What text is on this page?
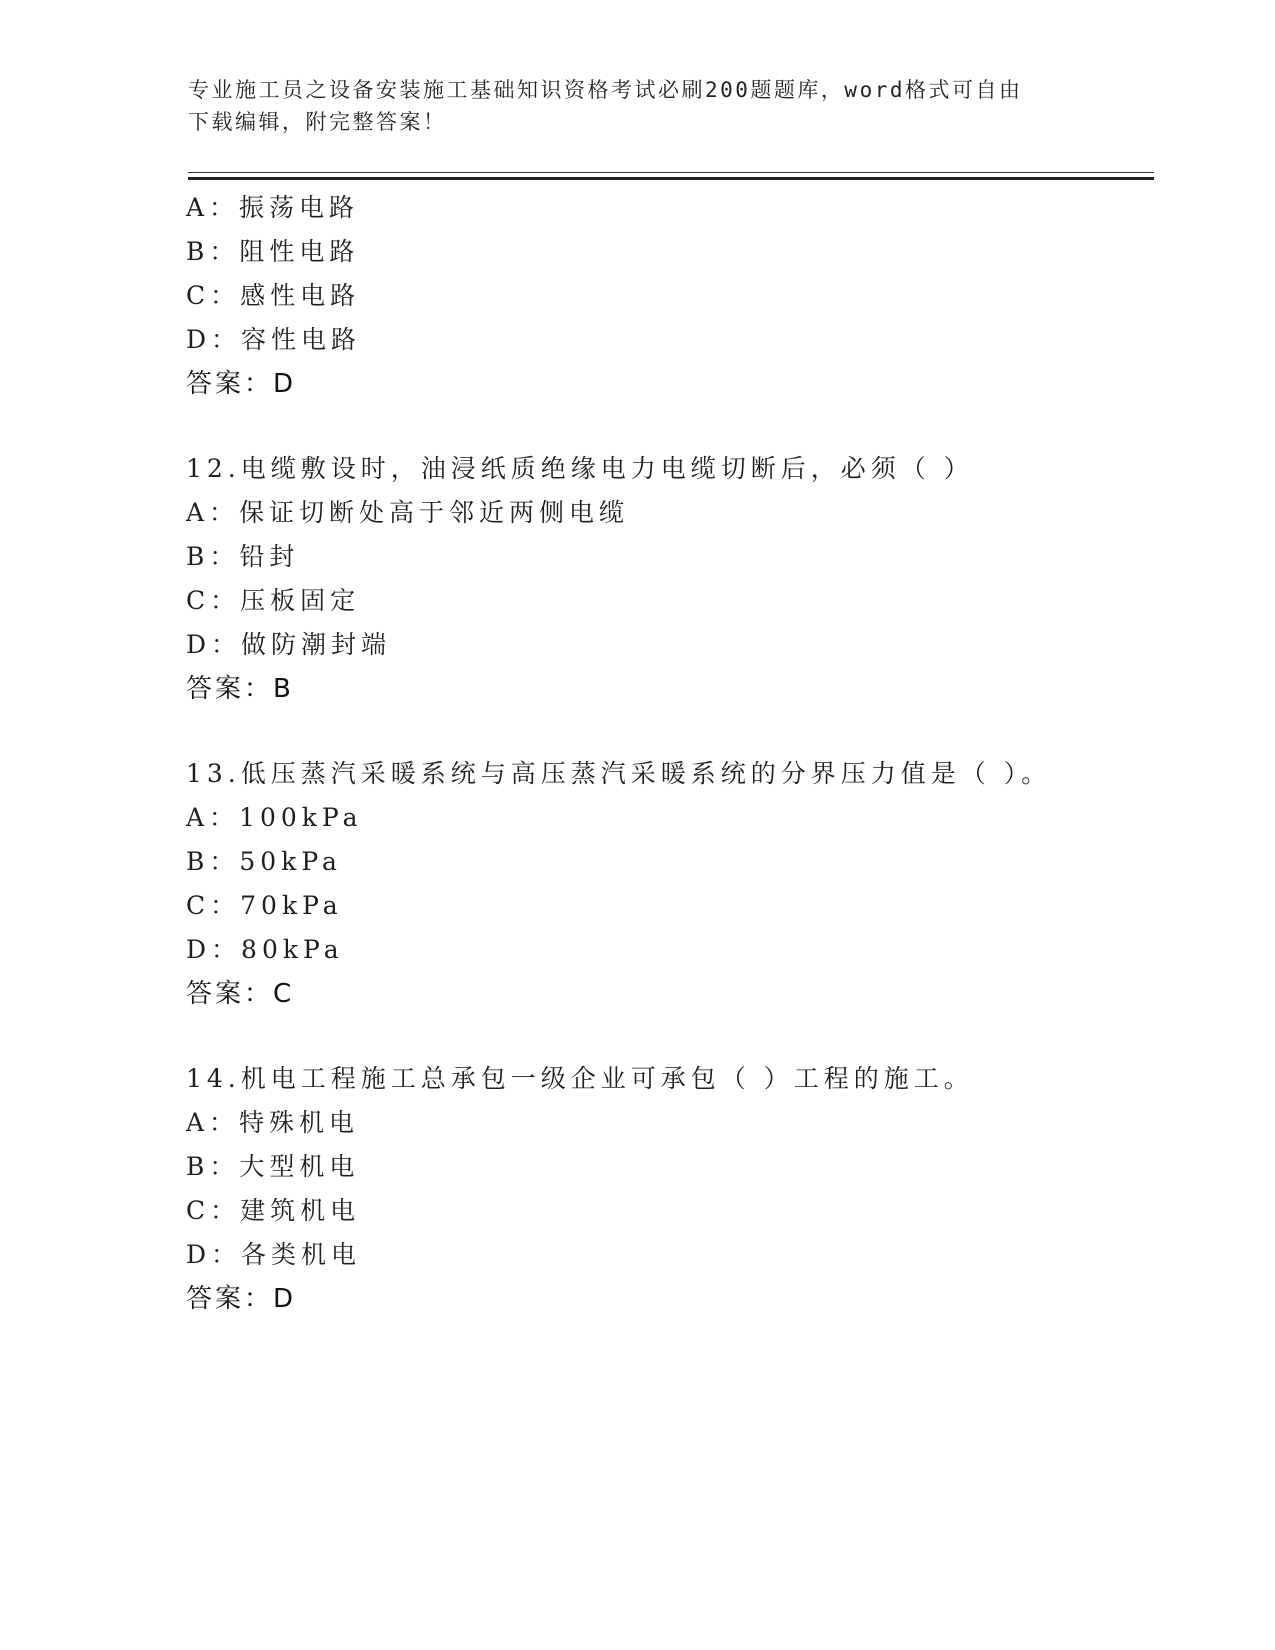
专业施工员之设备安装施工基础知识资格考试必刷200题题库，word格式可自由
下载编辑，附完整答案！
A：振荡电路
B：阻性电路
C：感性电路
D：容性电路
答案：D
12.电缆敷设时，油浸纸质绝缘电力电缆切断后，必须（ ）
A：保证切断处高于邻近两侧电缆
B：铅封
C：压板固定
D：做防潮封端
答案：B
13.低压蒸汽采暖系统与高压蒸汽采暖系统的分界压力值是（ ）。
A：100kPa
B：50kPa
C：70kPa
D：80kPa
答案：C
14.机电工程施工总承包一级企业可承包（ ）工程的施工。
A：特殊机电
B：大型机电
C：建筑机电
D：各类机电
答案：D
